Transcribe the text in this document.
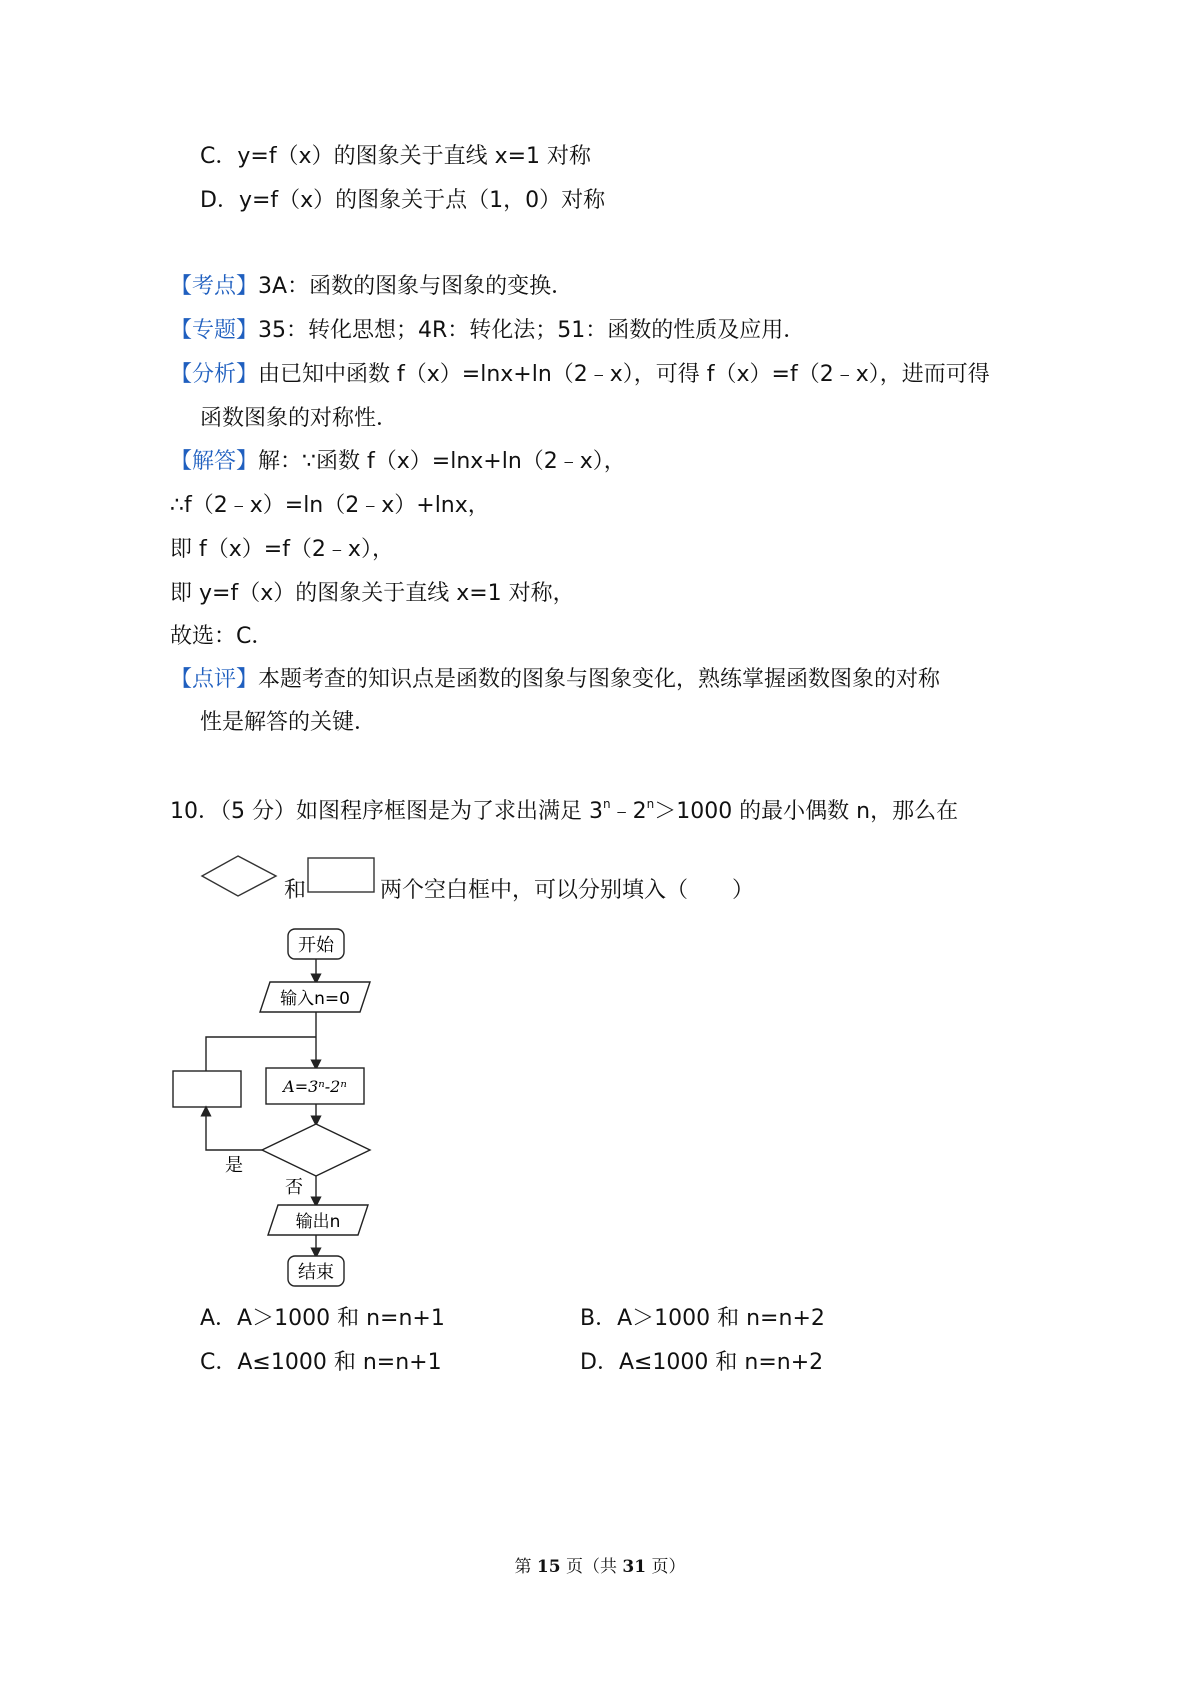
C．y=f（x）的图象关于直线 x=1 对称
D．y=f（x）的图象关于点（1，0）对称
【考点】3A：函数的图象与图象的变换．
【专题】35：转化思想；4R：转化法；51：函数的性质及应用．
【分析】由已知中函数 f（x）=lnx+ln（2﹣x），可得 f（x）=f（2﹣x），进而可得
函数图象的对称性．
【解答】解：∵函数 f（x）=lnx+ln（2﹣x），
∴f（2﹣x）=ln（2﹣x）+lnx，
即 f（x）=f（2﹣x），
即 y=f（x）的图象关于直线 x=1 对称，
故选：C．
【点评】本题考查的知识点是函数的图象与图象变化，熟练掌握函数图象的对称
性是解答的关键．
10．（5 分）如图程序框图是为了求出满足 $3^n﹣2^n>1000$ 的最小偶数 n，那么在
和	两个空白框中，可以分别填入（　　）
开始
输入n=0
A=3ⁿ-2ⁿ
是
否
输出n
结束
A．A＞1000 和 n=n+1	B．A＞1000 和 n=n+2
C．A≤1000 和 n=n+1	D．A≤1000 和 n=n+2
第 15 页（共 31 页）
